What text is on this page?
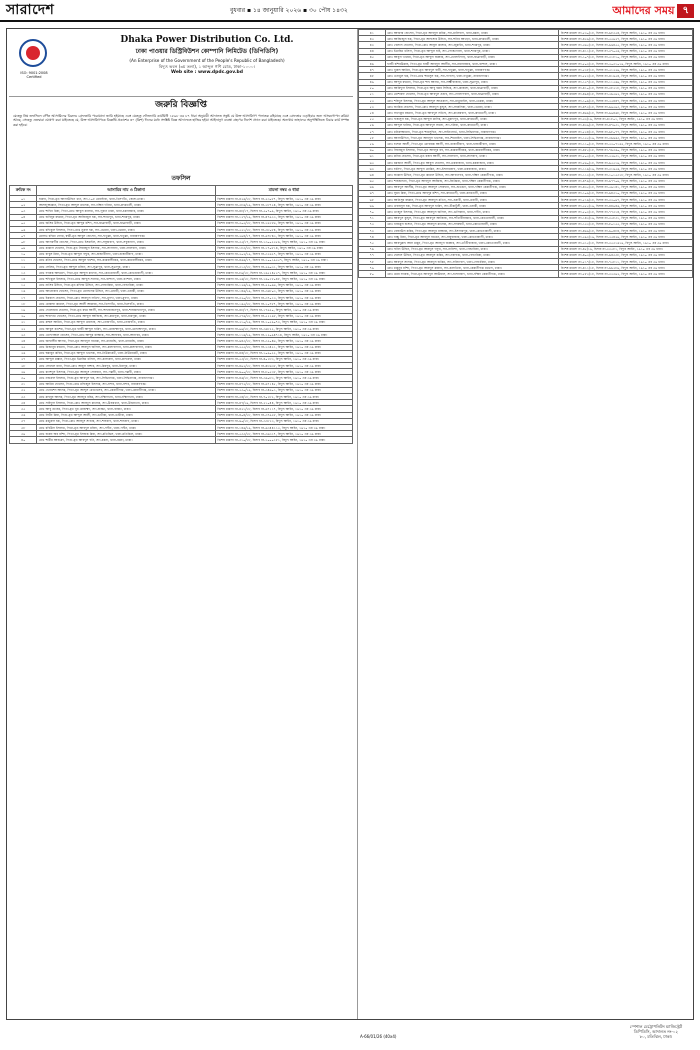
সারাদেশ	বুধবার ▪ ১৪ জানুয়ারি ২০২৬ ▪ ৩০ পৌষ ১৪৩২	আমাদের সময় ৭
ISO: 9001:2008 Certified
Dhaka Power Distribution Co. Ltd.
ঢাকা পাওয়ার ডিস্ট্রিবিউশন কোম্পানি লিমিটেড (ডিপিডিসি)
(An Enterprise of the Government of the People's Republic of Bangladesh)
বিদ্যুৎ ভবন (৩য় তলা), ১ আব্দুল গণি রোড, ঢাকা-১০০০।
Web site : www.dpdc.gov.bd
জরুরি বিজ্ঞপ্তি
যেহেতু নিম্ন তফসিলে বর্ণিত আসামিদের বিরুদ্ধে গ্রেফতারি পরোয়ানা জারি হইয়াছে এবং যেহেতু ফৌজদারি কার্যবিধি ১৮৯৮ এর ৮৭ ধারা অনুযায়ী আদালত সন্তুষ্ট যে উক্ত আসামিগণ পলাতক রহিয়াছে এবং গ্রেফতার এড়াইবার জন্য আত্মগোপন করিয়া আছে, সেহেতু এতদ্বারা ঘোষণা করা যাইতেছে যে, উক্ত আসামিগণকে বিজ্ঞপ্তি প্রকাশের ৩০ (ত্রিশ) দিনের মধ্যে সংশ্লিষ্ট বিজ্ঞ আদালতে হাজির হইয়া আইনানুগ ব্যবস্থা গ্রহণের নির্দেশ প্রদান করা যাইতেছে। অন্যথায় তাহাদের অনুপস্থিতিতে বিচার কার্য সম্পন্ন করা হইবে।
তফসিল
ক্রমিক নং	আসামির নাম ও ঠিকানা	মামলা নম্বর ও ধারা
০১	হারুন, পিতা-মৃত আলাউদ্দিন খান, সাং-১০৮ মেরাদিয়া, থানা-খিলগাঁও, জেলা-ঢাকা।	বিশেষ মামলা নং-৪২৬/১৮, হিসাব নং-২৩০৮৭, বিদ্যুৎ আইন, ১৯১০ এর ৩৯ ধারা।
০২	আসাদুজ্জামান, পিতা-মৃত আব্দুল মালেক, সাং-দক্ষিণ দনিয়া, থানা-কদমতলী, ঢাকা।	বিশেষ মামলা নং-৩৮৬/১৯, হিসাব নং-১৮৭২৪, বিদ্যুৎ আইন, ১৯১০ এর ৩৯ ধারা।
০৩	মোঃ শাহিন মিয়া, পিতা-মোঃ আবুল কালাম, সাং-পুরান ঢাকা, থানা-চকবাজার, ঢাকা।	বিশেষ মামলা নং-৪৮/১৭, হিসাব নং-৫০৭০৯, বিদ্যুৎ আইন, ১৯১০ এর ৩৯ ধারা।
০৪	মোঃ হাবিবুর রহমান, পিতা-মৃত আজিজুল হক, সাং-শ্যামপুর, থানা-শ্যামপুর, ঢাকা।	বিশেষ মামলা নং-১২৭/১৯, হিসাব নং-৪৭৯১৩, বিদ্যুৎ আইন, ১৯১০ এর ৩৯ ধারা।
০৫	মোঃ জসিম উদ্দিন, পিতা-মৃত আব্দুর রশিদ, সাং-যাত্রাবাড়ী, থানা-যাত্রাবাড়ী, ঢাকা।	বিশেষ মামলা নং-৩০৫/১৮, হিসাব নং-১৬১৮৬, বিদ্যুৎ আইন, ১৯১০ এর ৩৯ ধারা।
০৬	মোঃ রফিকুল ইসলাম, পিতা-মোঃ নুরুল হক, সাং-ডেমরা, থানা-ডেমরা, ঢাকা।	বিশেষ মামলা নং-৫২১/১৮, হিসাব নং-৩৮০৮৪, বিদ্যুৎ আইন, ১৯১০ এর ৩৯ ধারা।
০৭	মোসাঃ রহিমা বেগম, স্বামী-মৃত আবুল হোসেন, সাং-ফতুল্লা, থানা-ফতুল্লা, নারায়ণগঞ্জ।	বিশেষ মামলা নং-২৯৪/১৭, হিসাব নং-৬৭৮৪৩, বিদ্যুৎ আইন, ১৯১০ এর ৩৯ ধারা।
০৮	মোঃ আলমগীর হোসেন, পিতা-মোঃ ইসমাইল, সাং-সবুজবাগ, থানা-সবুজবাগ, ঢাকা।	বিশেষ মামলা নং-৩৫/১৭, হিসাব নং-১৩০০২২৫৬, বিদ্যুৎ আইন, ১৯১০ এর ৩৯ ধারা।
০৯	মোঃ কামাল হোসেন, পিতা-মৃত সিরাজুল ইসলাম, সাং-লালবাগ, থানা-লালবাগ, ঢাকা।	বিশেষ মামলা নং-১৮৩/১৮, হিসাব নং-১৭০৮১৪, বিদ্যুৎ আইন, ১৯১০ এর ৩৯ ধারা।
১০	মোঃ বাবুল মিয়া, পিতা-মৃত আব্দুল গফুর, সাং-হাজারীবাগ, থানা-হাজারীবাগ, ঢাকা।	বিশেষ মামলা নং-২০২/১৯, হিসাব নং-৩১৬২৭, বিদ্যুৎ আইন, ১৯১০ এর ৩৯ ধারা।
১১	মোঃ মনির হোসেন, পিতা-মোঃ আবুল হাশেম, সাং-কামরাঙ্গীরচর, থানা-কামরাঙ্গীরচর, ঢাকা।	বিশেষ মামলা নং-৪৬৬/১৭, হিসাব নং-১০০১৯২৫৭, বিদ্যুৎ আইন, ১৯১০ এর ৩৯ ধারা।
১২	মোঃ সেলিম, পিতা-মৃত আব্দুল মজিদ, সাং-সূত্রাপুর, থানা-সূত্রাপুর, ঢাকা।	বিশেষ মামলা নং-৩১৩/১৮, হিসাব নং-২৯০৩১, বিদ্যুৎ আইন, ১৯১০ এর ৩৯ ধারা।
১৩	মোঃ ফারুক আহমেদ, পিতা-মৃত আব্দুল কাদের, সাং-কোতোয়ালী, থানা-কোতোয়ালী, ঢাকা।	বিশেষ মামলা নং-৮৯/১৮, হিসাব নং-১৬৫২৪৫২৭, বিদ্যুৎ আইন, ১৯১০ এর ৩৯ ধারা।
১৪	মোঃ শফিকুল ইসলাম, পিতা-মোঃ আব্দুস সালাম, সাং-বংশাল, থানা-বংশাল, ঢাকা।	বিশেষ মামলা নং-২৬/১৮, হিসাব নং-১৬০১৮০৪৮, বিদ্যুৎ আইন, ১৯১০ এর ৩৯ ধারা।
১৫	মোঃ নাসির উদ্দিন, পিতা-মৃত মফিজ উদ্দিন, সাং-গেন্ডারিয়া, থানা-গেন্ডারিয়া, ঢাকা।	বিশেষ মামলা নং-১২৬/১৯, হিসাব নং-২২০৯৬, বিদ্যুৎ আইন, ১৯১০ এর ৩৯ ধারা।
১৬	মোঃ আনোয়ার হোসেন, পিতা-মৃত মোসলেম উদ্দিন, সাং-ওয়ারী, থানা-ওয়ারী, ঢাকা।	বিশেষ মামলা নং-১৪৬/১৯, হিসাব নং-৩৬৮০৩, বিদ্যুৎ আইন, ১৯১০ এর ৩৯ ধারা।
১৭	মোঃ ইকবাল হোসেন, পিতা-মোঃ আবদুল লতিফ, সাং-মুগদা, থানা-মুগদা, ঢাকা।	বিশেষ মামলা নং-৩২০/১৮, হিসাব নং-৩৭০১৩, বিদ্যুৎ আইন, ১৯১০ এর ৩৯ ধারা।
১৮	মোঃ মোস্তফা কামাল, পিতা-মৃত আলী আকবর, সাং-খিলগাঁও, থানা-খিলগাঁও, ঢাকা।	বিশেষ মামলা নং-১৬৫/১৮, হিসাব নং-১০৭৮৭, বিদ্যুৎ আইন, ১৯১০ এর ৩৯ ধারা।
১৯	মোঃ দেলোয়ার হোসেন, পিতা-মৃত রহম আলী, সাং-শাহজাহানপুর, থানা-শাহজাহানপুর, ঢাকা।	বিশেষ মামলা নং-৪৮/১৭, হিসাব নং-১৭৬২০, বিদ্যুৎ আইন, ১৯১০ এর ৩৯ ধারা।
২০	মোঃ শাহাদাত হোসেন, পিতা-মোঃ আব্দুল আজিজ, সাং-রামপুরা, থানা-রামপুরা, ঢাকা।	বিশেষ মামলা নং-৩৭৬/১৮, হিসাব নং-৫২১৯৮, বিদ্যুৎ আইন, ১৯১০ এর ৩৯ ধারা।
২১	মোঃ রুহুল আমিন, পিতা-মৃত আব্দুল ওয়াহাব, সাং-তেজগাঁও, থানা-তেজগাঁও, ঢাকা।	বিশেষ মামলা নং-২১০/১৯, হিসাব নং-১০৫৯০৭৩, বিদ্যুৎ আইন, ১৯১০ এর ৩৯ ধারা।
২২	মোঃ আবুল কাশেম, পিতা-মৃত হাজী আব্দুল হামিদ, সাং-মোহাম্মদপুর, থানা-মোহাম্মদপুর, ঢাকা।	বিশেষ মামলা নং-৯৯/১৮, হিসাব নং-৩৬৮২২, বিদ্যুৎ আইন, ১৯১০ এর ৩৯ ধারা।
২৩	মোঃ তোফাজ্জল হোসেন, পিতা-মোঃ আব্দুর রাজ্জাক, সাং-আদাবর, থানা-আদাবর, ঢাকা।	বিশেষ মামলা নং-১১৬/১৯, হিসাব নং-১২০৯৪৭১৪, বিদ্যুৎ আইন, ১৯১০ এর ৩৯ ধারা।
২৪	মোঃ জাহাঙ্গীর আলম, পিতা-মৃত আবদুল বারেক, সাং-ধানমন্ডি, থানা-ধানমন্ডি, ঢাকা।	বিশেষ মামলা নং-৬৪৩/১৮, হিসাব নং-৩২০৪৬, বিদ্যুৎ আইন, ১৯১০ এর ৩৯ ধারা।
২৫	মোঃ মিজানুর রহমান, পিতা-মোঃ আবদুল জলিল, সাং-কলাবাগান, থানা-কলাবাগান, ঢাকা।	বিশেষ মামলা নং-২৫৫/১৮, হিসাব নং-১৩৪২১, বিদ্যুৎ আইন, ১৯১০ এর ৩৯ ধারা।
২৬	মোঃ হুমায়ুন কবির, পিতা-মৃত আব্দুল খালেক, সাং-নিউমার্কেট, থানা-নিউমার্কেট, ঢাকা।	বিশেষ মামলা নং-৪৪/১৮, হিসাব নং-১০৯০২২, বিদ্যুৎ আইন, ১৯১০ এর ৩৯ ধারা।
২৭	মোঃ আব্দুল মান্নান, পিতা-মৃত ইব্রাহিম খলিল, সাং-কাফরুল, থানা-কাফরুল, ঢাকা।	বিশেষ মামলা নং-৫৩/১৮, হিসাব নং-৪০১৮৩, বিদ্যুৎ আইন, ১৯১০ এর ৩৯ ধারা।
২৮	মোঃ সোহেল রানা, পিতা-মোঃ আবুল বাশার, সাং-মিরপুর, থানা-মিরপুর, ঢাকা।	বিশেষ মামলা নং-৪৯২/১৮, হিসাব নং-৪৮৬৩৮, বিদ্যুৎ আইন, ১৯১০ এর ৩৯ ধারা।
২৯	মোঃ রাশেদুল ইসলাম, পিতা-মৃত আবদুস সোবহান, সাং-পল্লবী, থানা-পল্লবী, ঢাকা।	বিশেষ মামলা নং-৬০০/১৮, হিসাব নং-৮০৫৩৮, বিদ্যুৎ আইন, ১৯১০ এর ৩৯ ধারা।
৩০	মোঃ নজরুল ইসলাম, পিতা-মৃত আবদুল হক, সাং-সিদ্ধিরগঞ্জ, থানা-সিদ্ধিরগঞ্জ, নারায়ণগঞ্জ।	বিশেষ মামলা নং-৪৬/১৮, হিসাব নং-৩৬০৮৩, বিদ্যুৎ আইন, ১৯১০ এর ৩৯ ধারা।
৩১	মোঃ আমির হোসেন, পিতা-মোঃ মফিজুল ইসলাম, সাং-বন্দর, থানা-বন্দর, নারায়ণগঞ্জ।	বিশেষ মামলা নং-৪৭২/১৮, হিসাব নং-৬৭১৪৫, বিদ্যুৎ আইন, ১৯১০ এর ৩৯ ধারা।
৩২	মোঃ খোরশেদ আলম, পিতা-মৃত আব্দুল মোতালেব, সাং-কেরানীগঞ্জ, থানা-কেরানীগঞ্জ, ঢাকা।	বিশেষ মামলা নং-২৩০/১৯, হিসাব নং-৩৪৬০১, বিদ্যুৎ আইন, ১৯১০ এর ৩৯ ধারা।
৩৩	মোঃ মাহবুব আলম, পিতা-মৃত আবদুর রহিম, সাং-দক্ষিণখান, থানা-দক্ষিণখান, ঢাকা।	বিশেষ মামলা নং-৩৪/১৮, হিসাব নং-৭০১৮২, বিদ্যুৎ আইন, ১৯১০ এর ৩৯ ধারা।
৩৪	মোঃ সাইফুল ইসলাম, পিতা-মোঃ আবদুল মালেক, সাং-উত্তরখান, থানা-উত্তরখান, ঢাকা।	বিশেষ মামলা নং-৪৭/১৯, হিসাব নং-২১০৪৪, বিদ্যুৎ আইন, ১৯১০ এর ৩৯ ধারা।
৩৫	মোঃ আবু তাহের, পিতা-মৃত নুর মোহাম্মদ, সাং-বাড্ডা, থানা-বাড্ডা, ঢাকা।	বিশেষ মামলা নং-৪২১/১৮, হিসাব নং-৬৭১১৭, বিদ্যুৎ আইন, ১৯১০ এর ৩৯ ধারা।
৩৬	মোঃ লিটন মিয়া, পিতা-মৃত আব্দুল আলী, সাং-ভাটারা, থানা-ভাটারা, ঢাকা।	বিশেষ মামলা নং-৪০৪/১৮, হিসাব নং-৩৭৯২৮, বিদ্যুৎ আইন, ১৯১০ এর ৩৯ ধারা।
৩৭	মোঃ মঞ্জুরুল হক, পিতা-মোঃ আবদুস সাত্তার, সাং-শাহবাগ, থানা-শাহবাগ, ঢাকা।	বিশেষ মামলা নং-৬০/১৮, হিসাব নং-৩৩৮১৩, বিদ্যুৎ আইন, ১৯১০ এর ৩৯ ধারা।
৩৮	মোঃ রবিউল ইসলাম, পিতা-মৃত আবদুল মজিদ, সাং-পল্টন, থানা-পল্টন, ঢাকা।	বিশেষ মামলা নং-১৪৬/১৯, হিসাব নং-৬৩৪৪১১২, বিদ্যুৎ আইন, ১৯১০ এর ৩৯ ধারা।
৩৯	মোঃ হারুন অর রশিদ, পিতা-মৃত ইসহাক মিয়া, সাং-মতিঝিল, থানা-মতিঝিল, ঢাকা।	বিশেষ মামলা নং-৫৩৩/১৮, হিসাব নং-৩৬৩১৭, বিদ্যুৎ আইন, ১৯১০ এর ৩৯ ধারা।
৪০	মোঃ শামীম আহমেদ, পিতা-মৃত আবদুল গনি, সাং-রমনা, থানা-রমনা, ঢাকা।	বিশেষ মামলা নং-৩১০/১৮, হিসাব নং-১০০০১৮১, বিদ্যুৎ আইন, ১৯১০ এর ৩৯ ধারা।
৪১	মোঃ আক্তার হোসেন, পিতা-মৃত আবদুল করিম, সাং-মালিবাগ, থানা-রমনা, ঢাকা।	বিশেষ মামলা নং-৫৩০/১৮, হিসাব নং-৬৮৩৫৪, বিদ্যুৎ আইন, ১৯১০ এর ৩৯ ধারা।
৪২	মোঃ আজিজুল হক, পিতা-মৃত আফসার উদ্দিন, সাং-শনির আখড়া, থানা-কদমতলী, ঢাকা।	বিশেষ মামলা নং-৪২৯/১৮, হিসাব নং-৫৫৯২৭, বিদ্যুৎ আইন, ১৯১০ এর ৩৯ ধারা।
৪৩	মোঃ বেলাল হোসেন, পিতা-মোঃ আবুল কালাম, সাং-জুরাইন, থানা-শ্যামপুর, ঢাকা।	বিশেষ মামলা নং-২৬৫/১৮, হিসাব নং-৬৬৪৫৫, বিদ্যুৎ আইন, ১৯১০ এর ৩৯ ধারা।
৪৪	মোঃ ইব্রাহিম খলিল, পিতা-মৃত আব্দুল হাই, সাং-পোস্তগোলা, থানা-শ্যামপুর, ঢাকা।	বিশেষ মামলা নং-৪১১/১৮, হিসাব নং-৩৭০৫৬, বিদ্যুৎ আইন, ১৯১০ এর ৩৯ ধারা।
৪৫	মোঃ আবুল খায়ের, পিতা-মৃত আব্দুল জব্বার, সাং-ধোলাইপাড়, থানা-যাত্রাবাড়ী, ঢাকা।	বিশেষ মামলা নং-১০৭/১৮, হিসাব নং-৩১৮১০, বিদ্যুৎ আইন, ১৯১০ এর ৩৯ ধারা।
৪৬	হাজী বশিরউল্লাহ, পিতা-মৃত হাজী আবদুল আলীম, সাং-নয়াবাজার, থানা-বংশাল, ঢাকা।	বিশেষ মামলা নং-৫০৩/১৮, হিসাব নং-২০৩১০১৯, বিদ্যুৎ আইন, ১৯১০ এর ৩৯ ধারা।
৪৭	মোঃ নুরুল আমিন, পিতা-মৃত আবদুল বারী, সাং-ফতুল্লা, থানা-ফতুল্লা, নারায়ণগঞ্জ।	বিশেষ মামলা নং-৫৩৮/১৮, হিসাব নং-৫১২২৯, বিদ্যুৎ আইন, ১৯১০ এর ৩৯ ধারা।
৪৮	মোঃ এনামুল হক, পিতা-মোঃ শামসুল হক, সাং-পাগলা, থানা-ফতুল্লা, নারায়ণগঞ্জ।	বিশেষ মামলা নং-৫৫৩/১৮, হিসাব নং-৪১৬৫৪, বিদ্যুৎ আইন, ১৯১০ এর ৩৯ ধারা।
৪৯	মোঃ আব্দুর রহমান, পিতা-মৃত শাহ আলম, সাং-লক্ষ্মীবাজার, থানা-সূত্রাপুর, ঢাকা।	বিশেষ মামলা নং-১২৭/১৮, হিসাব নং-১১৫৬৯, বিদ্যুৎ আইন, ১৯১০ এর ৩৯ ধারা।
৫০	মোঃ আরিফুল ইসলাম, পিতা-মৃত আবু বকর সিদ্দিক, সাং-কাজলা, থানা-যাত্রাবাড়ী, ঢাকা।	বিশেষ মামলা নং-৪১০/১৮, হিসাব নং-৩৮২১৮, বিদ্যুৎ আইন, ১৯১০ এর ৩৯ ধারা।
৫১	মোঃ মোশারফ হোসেন, পিতা-মৃত আবদুল ওহাব, সাং-গোলাপবাগ, থানা-যাত্রাবাড়ী, ঢাকা।	বিশেষ মামলা নং-৪৯৪/১৮, হিসাব নং-২৬৫৯২, বিদ্যুৎ আইন, ১৯১০ এর ৩৯ ধারা।
৫২	মোঃ শহিদুল ইসলাম, পিতা-মৃত আব্দুল আওয়াল, সাং-মাতুয়াইল, থানা-ডেমরা, ঢাকা।	বিশেষ মামলা নং-১০৬/১৮, হিসাব নং-২৫৪৪৭, বিদ্যুৎ আইন, ১৯১০ এর ৩৯ ধারা।
৫৩	মোঃ জাকির হোসেন, পিতা-মোঃ আবদুল কুদ্দুস, সাং-সারুলিয়া, থানা-ডেমরা, ঢাকা।	বিশেষ মামলা নং-৪৭৩/১৮, হিসাব নং-৬৯৫৯৩, বিদ্যুৎ আইন, ১৯১০ এর ৩৯ ধারা।
৫৪	মোঃ সাদেকুর রহমান, পিতা-মৃত আবদুল লতিফ, সাং-রায়েরবাগ, থানা-কদমতলী, ঢাকা।	বিশেষ মামলা নং-৪৬৬/১৮, হিসাব নং-৬৯৪৬৮, বিদ্যুৎ আইন, ১৯১০ এর ৩৯ ধারা।
৫৫	মোঃ ফজলুল হক, পিতা-মৃত আব্দুল কাদির, সাং-মুরাদপুর, থানা-কদমতলী, ঢাকা।	বিশেষ মামলা নং-২৩/১৯, হিসাব নং-৪১৮০১, বিদ্যুৎ আইন, ১৯১০ এর ৩৯ ধারা।
৫৬	মোঃ আব্দুল হালিম, পিতা-মৃত আবদুস সামাদ, সাং-দনিয়া, থানা-কদমতলী, ঢাকা।	বিশেষ মামলা নং-৪৩৯/১৮, হিসাব নং-৪৭৯৩১, বিদ্যুৎ আইন, ১৯১০ এর ৩৯ ধারা।
৫৭	মোঃ মনিরুজ্জামান, পিতা-মৃত শামসুদ্দিন, সাং-সাইনবোর্ড, থানা-সিদ্ধিরগঞ্জ, নারায়ণগঞ্জ।	বিশেষ মামলা নং-৫২৪/১৮, হিসাব নং-৬৮০৭৭, বিদ্যুৎ আইন, ১৯১০ এর ৩৯ ধারা।
৫৮	মোঃ আলাউদ্দিন, পিতা-মৃত আবদুল খালেক, সাং-শিমরাইল, থানা-সিদ্ধিরগঞ্জ, নারায়ণগঞ্জ।	বিশেষ মামলা নং-১২৫/১৯, হিসাব নং-৩৬৬৬৩, বিদ্যুৎ আইন, ১৯১০ এর ৩৯ ধারা।
৫৯	মোঃ হাসান আলী, পিতা-মৃত মোবারক আলী, সাং-হাজারীবাগ, থানা-হাজারীবাগ, ঢাকা।	বিশেষ মামলা নং-১১০/১৮, হিসাব নং-২২০৭১৬২, বিদ্যুৎ আইন, ১৯১০ এর ৩৯ ধারা।
৬০	মোঃ সিরাজুল ইসলাম, পিতা-মৃত আবদুর রব, সাং-কামরাঙ্গীরচর, থানা-কামরাঙ্গীরচর, ঢাকা।	বিশেষ মামলা নং-৪৮৫/১৮, হিসাব নং-৭৬৩৬০, বিদ্যুৎ আইন, ১৯১০ এর ৩৯ ধারা।
৬১	মোঃ কবির হোসেন, পিতা-মৃত রজব আলী, সাং-লালবাগ, থানা-লালবাগ, ঢাকা।	বিশেষ মামলা নং-৫০২/১৮, হিসাব নং-২২৯৩১, বিদ্যুৎ আইন, ১৯১০ এর ৩৯ ধারা।
৬২	মোঃ রমজান আলী, পিতা-মৃত আবুল হোসেন, সাং-চকবাজার, থানা-চকবাজার, ঢাকা।	বিশেষ মামলা নং-৫৬০/১৮, হিসাব নং-৬৫৫১৯, বিদ্যুৎ আইন, ১৯১০ এর ৩৯ ধারা।
৬৩	মোঃ হানিফ, পিতা-মৃত আব্দুল মোমিন, সাং-ইসলামবাগ, থানা-চকবাজার, ঢাকা।	বিশেষ মামলা নং-১১৬/১৯, হিসাব নং-৩১৬৫৬, বিদ্যুৎ আইন, ১৯১০ এর ৩৯ ধারা।
৬৪	মোঃ জামাল উদ্দিন, পিতা-মৃত কামাল উদ্দিন, সাং-আগানগর, থানা-দক্ষিণ কেরানীগঞ্জ, ঢাকা।	বিশেষ মামলা নং-১১৩/১৮, হিসাব নং-১০১৫৩১৮, বিদ্যুৎ আইন, ১৯১০ এর ৩৯ ধারা।
৬৫	মোঃ শাহজাহান, পিতা-মৃত আবদুল আজিজ, সাং-জিঞ্জিরা, থানা-দক্ষিণ কেরানীগঞ্জ, ঢাকা।	বিশেষ মামলা নং-৪৭৬/১৮, হিসাব নং-৬৭৭০৯, বিদ্যুৎ আইন, ১৯১০ এর ৩৯ ধারা।
৬৬	মোঃ আবদুল আলীম, পিতা-মৃত আবদুস সোবহান, সাং-শুভাঢ্যা, থানা-দক্ষিণ কেরানীগঞ্জ, ঢাকা।	বিশেষ মামলা নং-৪৩৫/১৮, হিসাব নং-৫৯১৪১, বিদ্যুৎ আইন, ১৯১০ এর ৩৯ ধারা।
৬৭	মোঃ সুমন মিয়া, পিতা-মোঃ আবদুর রশিদ, সাং-কদমতলী, থানা-কদমতলী, ঢাকা।	বিশেষ মামলা নং-১০৯/১৮, হিসাব নং-৬৪৩১০, বিদ্যুৎ আইন, ১৯১০ এর ৩৯ ধারা।
৬৮	মোঃ আনিসুর রহমান, পিতা-মৃত আবদুল মতিন, সাং-ওয়ারী, থানা-ওয়ারী, ঢাকা।	বিশেষ মামলা নং-৫১৬/১৮, হিসাব নং-৩২০৯৭, বিদ্যুৎ আইন, ১৯১০ এর ৩৯ ধারা।
৬৯	মোঃ ওবায়দুল হক, পিতা-মৃত আবদুল হামিদ, সাং-টিকাটুলী, থানা-ওয়ারী, ঢাকা।	বিশেষ মামলা নং-২৫৫/১৯, হিসাব নং-৪৪৯৪৬, বিদ্যুৎ আইন, ১৯১০ এর ৩৯ ধারা।
৭০	মোঃ তাজুল ইসলাম, পিতা-মৃত আবদুল জলিল, সাং-গুলিস্তান, থানা-পল্টন, ঢাকা।	বিশেষ মামলা নং-৫০৩/১৮, হিসাব নং-৭৭৩১৪, বিদ্যুৎ আইন, ১৯১০ এর ৩৯ ধারা।
৭১	মোঃ আবদুল কুদ্দুস, পিতা-মৃত আবদুল আজিজ, সাং-শাঁখারীবাজার, থানা-কোতোয়ালী, ঢাকা।	বিশেষ মামলা নং-১৪২/১৯, হিসাব নং-৩৫৮৩১, বিদ্যুৎ আইন, ১৯১০ এর ৩৯ ধারা।
৭২	মোঃ নাজমুল হাসান, পিতা-মৃত আবদুল মালেক, সাং-সদরঘাট, থানা-কোতোয়ালী, ঢাকা।	বিশেষ মামলা নং-১২২/১৮, হিসাব নং-৮০১৫৫, বিদ্যুৎ আইন, ১৯১০ এর ৩৯ ধারা।
৭৩	মোঃ রেজাউল করিম, পিতা-মৃত আবদুর রাজ্জাক, সাং-ইসলামপুর, থানা-কোতোয়ালী, ঢাকা।	বিশেষ মামলা নং-৪৬৯/১৮, হিসাব নং-৬০৪৮৪, বিদ্যুৎ আইন, ১৯১০ এর ৩৯ ধারা।
৭৪	মোঃ বাচ্চু মিয়া, পিতা-মৃত আবদুল বাতেন, সাং-বাবুবাজার, থানা-কোতোয়ালী, ঢাকা।	বিশেষ মামলা নং-২৯৩/১৯, হিসাব নং-২৫৪২৯, বিদ্যুৎ আইন, ১৯১০ এর ৩৯ ধারা।
৭৫	মোঃ আবদুল্লাহ আল মামুন, পিতা-মৃত আবদুল জব্বার, সাং-তাঁতীবাজার, থানা-কোতোয়ালী, ঢাকা।	বিশেষ মামলা নং-২১৫/১৮, হিসাব নং-৩৫৩১৬১৯, বিদ্যুৎ আইন, ১৯১০ এর ৩৯ ধারা।
৭৬	মোঃ ফরিদ উদ্দিন, পিতা-মৃত আবদুল গফুর, সাং-নারিন্দা, থানা-গেন্ডারিয়া, ঢাকা।	বিশেষ মামলা নং-৪৫/১৯, হিসাব নং-৩৩৫৮১, বিদ্যুৎ আইন, ১৯১০ এর ৩৯ ধারা।
৭৭	মোঃ হেলাল উদ্দিন, পিতা-মৃত আবদুল করিম, সাং-দয়াগঞ্জ, থানা-গেন্ডারিয়া, ঢাকা।	বিশেষ মামলা নং-৪০২/১৮, হিসাব নং-৬৪৩৩৮, বিদ্যুৎ আইন, ১৯১০ এর ৩৯ ধারা।
৭৮	মোঃ আবদুস সালাম, পিতা-মৃত আবদুল হাকিম, সাং-ফরিদাবাদ, থানা-গেন্ডারিয়া, ঢাকা।	বিশেষ মামলা নং-৫১৭/১৮, হিসাব নং-৭৫৮১১, বিদ্যুৎ আইন, ১৯১০ এর ৩৯ ধারা।
৭৯	মোঃ মামুনুর রশিদ, পিতা-মৃত আবদুল মান্নান, সাং-কলাতিয়া, থানা-কেরানীগঞ্জ মডেল, ঢাকা।	বিশেষ মামলা নং-৪১১/১৮, হিসাব নং-৬৬২৮৯, বিদ্যুৎ আইন, ১৯১০ এর ৩৯ ধারা।
৮০	মোঃ ওমর ফারুক, পিতা-মৃত আবদুল আউয়াল, সাং-হাসনাবাদ, থানা-দক্ষিণ কেরানীগঞ্জ, ঢাকা।	বিশেষ মামলা নং-৫৮২/১৮, হিসাব নং-৩২৩৯২, বিদ্যুৎ আইন, ১৯১০ এর ৩৯ ধারা।
স্পেশাল মেট্রোপলিটন ম্যাজিস্ট্রেট
ডিপিডিসি, আদালত নং-০২
৮০, মতিঝিল, ঢাকা।
A-66/01/26 (40x4)
